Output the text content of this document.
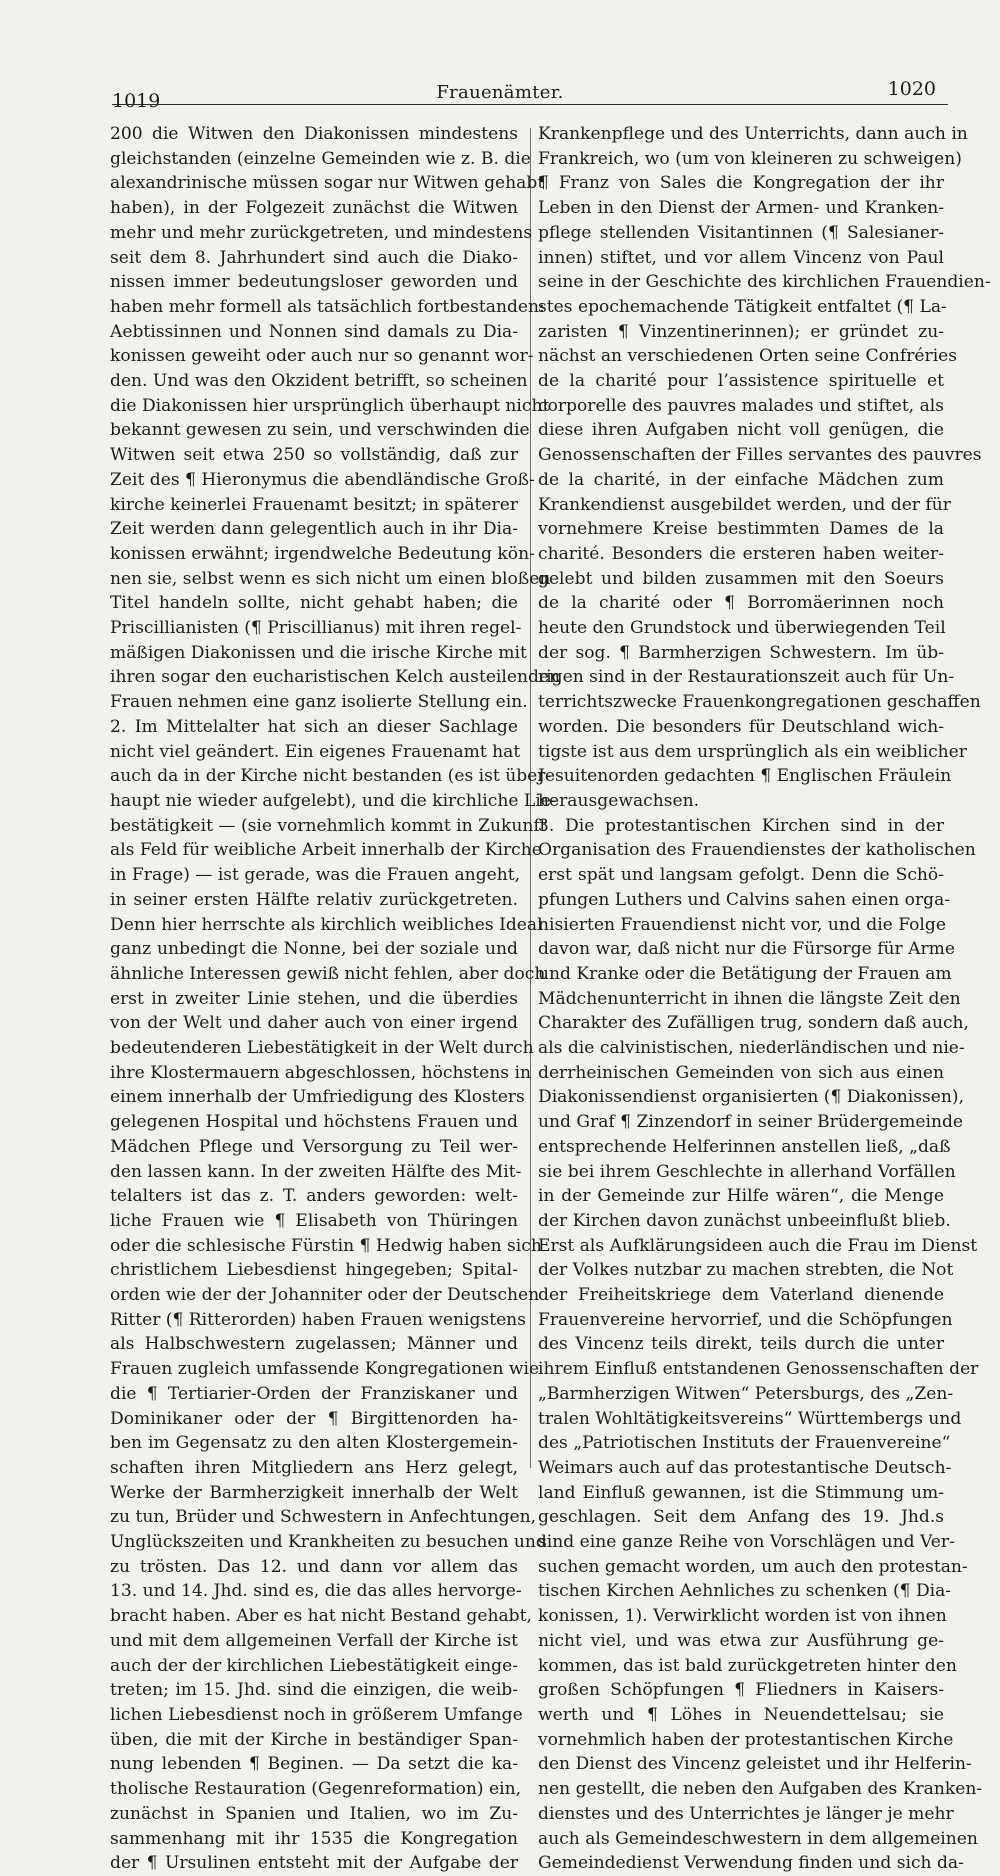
1019	Frauenämter.	1020
200 die Witwen den Diakonissen mindestens
gleichstanden (einzelne Gemeinden wie z. B. die
alexandrinische müssen sogar nur Witwen gehabt
haben), in der Folgezeit zunächst die Witwen
mehr und mehr zurückgetreten, und mindestens
seit dem 8. Jahrhundert sind auch die Diako-
nissen immer bedeutungsloser geworden und
haben mehr formell als tatsächlich fortbestanden:
Aebtissinnen und Nonnen sind damals zu Dia-
konissen geweiht oder auch nur so genannt wor-
den. Und was den Okzident betrifft, so scheinen
die Diakonissen hier ursprünglich überhaupt nicht
bekannt gewesen zu sein, und verschwinden die
Witwen seit etwa 250 so vollständig, daß zur
Zeit des ¶ Hieronymus die abendländische Groß-
kirche keinerlei Frauenamt besitzt; in späterer
Zeit werden dann gelegentlich auch in ihr Dia-
konissen erwähnt; irgendwelche Bedeutung kön-
nen sie, selbst wenn es sich nicht um einen bloßen
Titel handeln sollte, nicht gehabt haben; die
Priscillianisten (¶ Priscillianus) mit ihren regel-
mäßigen Diakonissen und die irische Kirche mit
ihren sogar den eucharistischen Kelch austeilenden
Frauen nehmen eine ganz isolierte Stellung ein.
2. Im Mittelalter hat sich an dieser Sachlage
nicht viel geändert. Ein eigenes Frauenamt hat
auch da in der Kirche nicht bestanden (es ist über-
haupt nie wieder aufgelebt), und die kirchliche Lie-
bestätigkeit — (sie vornehmlich kommt in Zukunft
als Feld für weibliche Arbeit innerhalb der Kirche
in Frage) — ist gerade, was die Frauen angeht,
in seiner ersten Hälfte relativ zurückgetreten.
Denn hier herrschte als kirchlich weibliches Ideal
ganz unbedingt die Nonne, bei der soziale und
ähnliche Interessen gewiß nicht fehlen, aber doch
erst in zweiter Linie stehen, und die überdies
von der Welt und daher auch von einer irgend
bedeutenderen Liebestätigkeit in der Welt durch
ihre Klostermauern abgeschlossen, höchstens in
einem innerhalb der Umfriedigung des Klosters
gelegenen Hospital und höchstens Frauen und
Mädchen Pflege und Versorgung zu Teil wer-
den lassen kann. In der zweiten Hälfte des Mit-
telalters ist das z. T. anders geworden: welt-
liche Frauen wie ¶ Elisabeth von Thüringen
oder die schlesische Fürstin ¶ Hedwig haben sich
christlichem Liebesdienst hingegeben; Spital-
orden wie der der Johanniter oder der Deutschen
Ritter (¶ Ritterorden) haben Frauen wenigstens
als Halbschwestern zugelassen; Männer und
Frauen zugleich umfassende Kongregationen wie
die ¶ Tertiarier-Orden der Franziskaner und
Dominikaner oder der ¶ Birgittenorden ha-
ben im Gegensatz zu den alten Klostergemein-
schaften ihren Mitgliedern ans Herz gelegt,
Werke der Barmherzigkeit innerhalb der Welt
zu tun, Brüder und Schwestern in Anfechtungen,
Unglückszeiten und Krankheiten zu besuchen und
zu trösten. Das 12. und dann vor allem das
13. und 14. Jhd. sind es, die das alles hervorge-
bracht haben. Aber es hat nicht Bestand gehabt,
und mit dem allgemeinen Verfall der Kirche ist
auch der der kirchlichen Liebestätigkeit einge-
treten; im 15. Jhd. sind die einzigen, die weib-
lichen Liebesdienst noch in größerem Umfange
üben, die mit der Kirche in beständiger Span-
nung lebenden ¶ Beginen. — Da setzt die ka-
tholische Restauration (Gegenreformation) ein,
zunächst in Spanien und Italien, wo im Zu-
sammenhang mit ihr 1535 die Kongregation
der ¶ Ursulinen entsteht mit der Aufgabe der
Krankenpflege und des Unterrichts, dann auch in
Frankreich, wo (um von kleineren zu schweigen)
¶ Franz von Sales die Kongregation der ihr
Leben in den Dienst der Armen- und Kranken-
pflege stellenden Visitantinnen (¶ Salesianer-
innen) stiftet, und vor allem Vincenz von Paul
seine in der Geschichte des kirchlichen Frauendien-
stes epochemachende Tätigkeit entfaltet (¶ La-
zaristen ¶ Vinzentinerinnen); er gründet zu-
nächst an verschiedenen Orten seine Confréries
de la charité pour l’assistence spirituelle et
corporelle des pauvres malades und stiftet, als
diese ihren Aufgaben nicht voll genügen, die
Genossenschaften der Filles servantes des pauvres
de la charité, in der einfache Mädchen zum
Krankendienst ausgebildet werden, und der für
vornehmere Kreise bestimmten Dames de la
charité. Besonders die ersteren haben weiter-
gelebt und bilden zusammen mit den Soeurs
de la charité oder ¶ Borromäerinnen noch
heute den Grundstock und überwiegenden Teil
der sog. ¶ Barmherzigen Schwestern. Im üb-
rigen sind in der Restaurationszeit auch für Un-
terrichtszwecke Frauenkongregationen geschaffen
worden. Die besonders für Deutschland wich-
tigste ist aus dem ursprünglich als ein weiblicher
Jesuitenorden gedachten ¶ Englischen Fräulein
herausgewachsen.
3. Die protestantischen Kirchen sind in der
Organisation des Frauendienstes der katholischen
erst spät und langsam gefolgt. Denn die Schö-
pfungen Luthers und Calvins sahen einen orga-
nisierten Frauendienst nicht vor, und die Folge
davon war, daß nicht nur die Fürsorge für Arme
und Kranke oder die Betätigung der Frauen am
Mädchenunterricht in ihnen die längste Zeit den
Charakter des Zufälligen trug, sondern daß auch,
als die calvinistischen, niederländischen und nie-
derrheinischen Gemeinden von sich aus einen
Diakonissendienst organisierten (¶ Diakonissen),
und Graf ¶ Zinzendorf in seiner Brüdergemeinde
entsprechende Helferinnen anstellen ließ, „daß
sie bei ihrem Geschlechte in allerhand Vorfällen
in der Gemeinde zur Hilfe wären“, die Menge
der Kirchen davon zunächst unbeeinflußt blieb.
Erst als Aufklärungsideen auch die Frau im Dienst
der Volkes nutzbar zu machen strebten, die Not
der Freiheitskriege dem Vaterland dienende
Frauenvereine hervorrief, und die Schöpfungen
des Vincenz teils direkt, teils durch die unter
ihrem Einfluß entstandenen Genossenschaften der
„Barmherzigen Witwen“ Petersburgs, des „Zen-
tralen Wohltätigkeitsvereins“ Württembergs und
des „Patriotischen Instituts der Frauenvereine“
Weimars auch auf das protestantische Deutsch-
land Einfluß gewannen, ist die Stimmung um-
geschlagen. Seit dem Anfang des 19. Jhd.s
sind eine ganze Reihe von Vorschlägen und Ver-
suchen gemacht worden, um auch den protestan-
tischen Kirchen Aehnliches zu schenken (¶ Dia-
konissen, 1). Verwirklicht worden ist von ihnen
nicht viel, und was etwa zur Ausführung ge-
kommen, das ist bald zurückgetreten hinter den
großen Schöpfungen ¶ Fliedners in Kaisers-
werth und ¶ Löhes in Neuendettelsau; sie
vornehmlich haben der protestantischen Kirche
den Dienst des Vincenz geleistet und ihr Helferin-
nen gestellt, die neben den Aufgaben des Kranken-
dienstes und des Unterrichtes je länger je mehr
auch als Gemeindeschwestern in dem allgemeinen
Gemeindedienst Verwendung finden und sich da-
